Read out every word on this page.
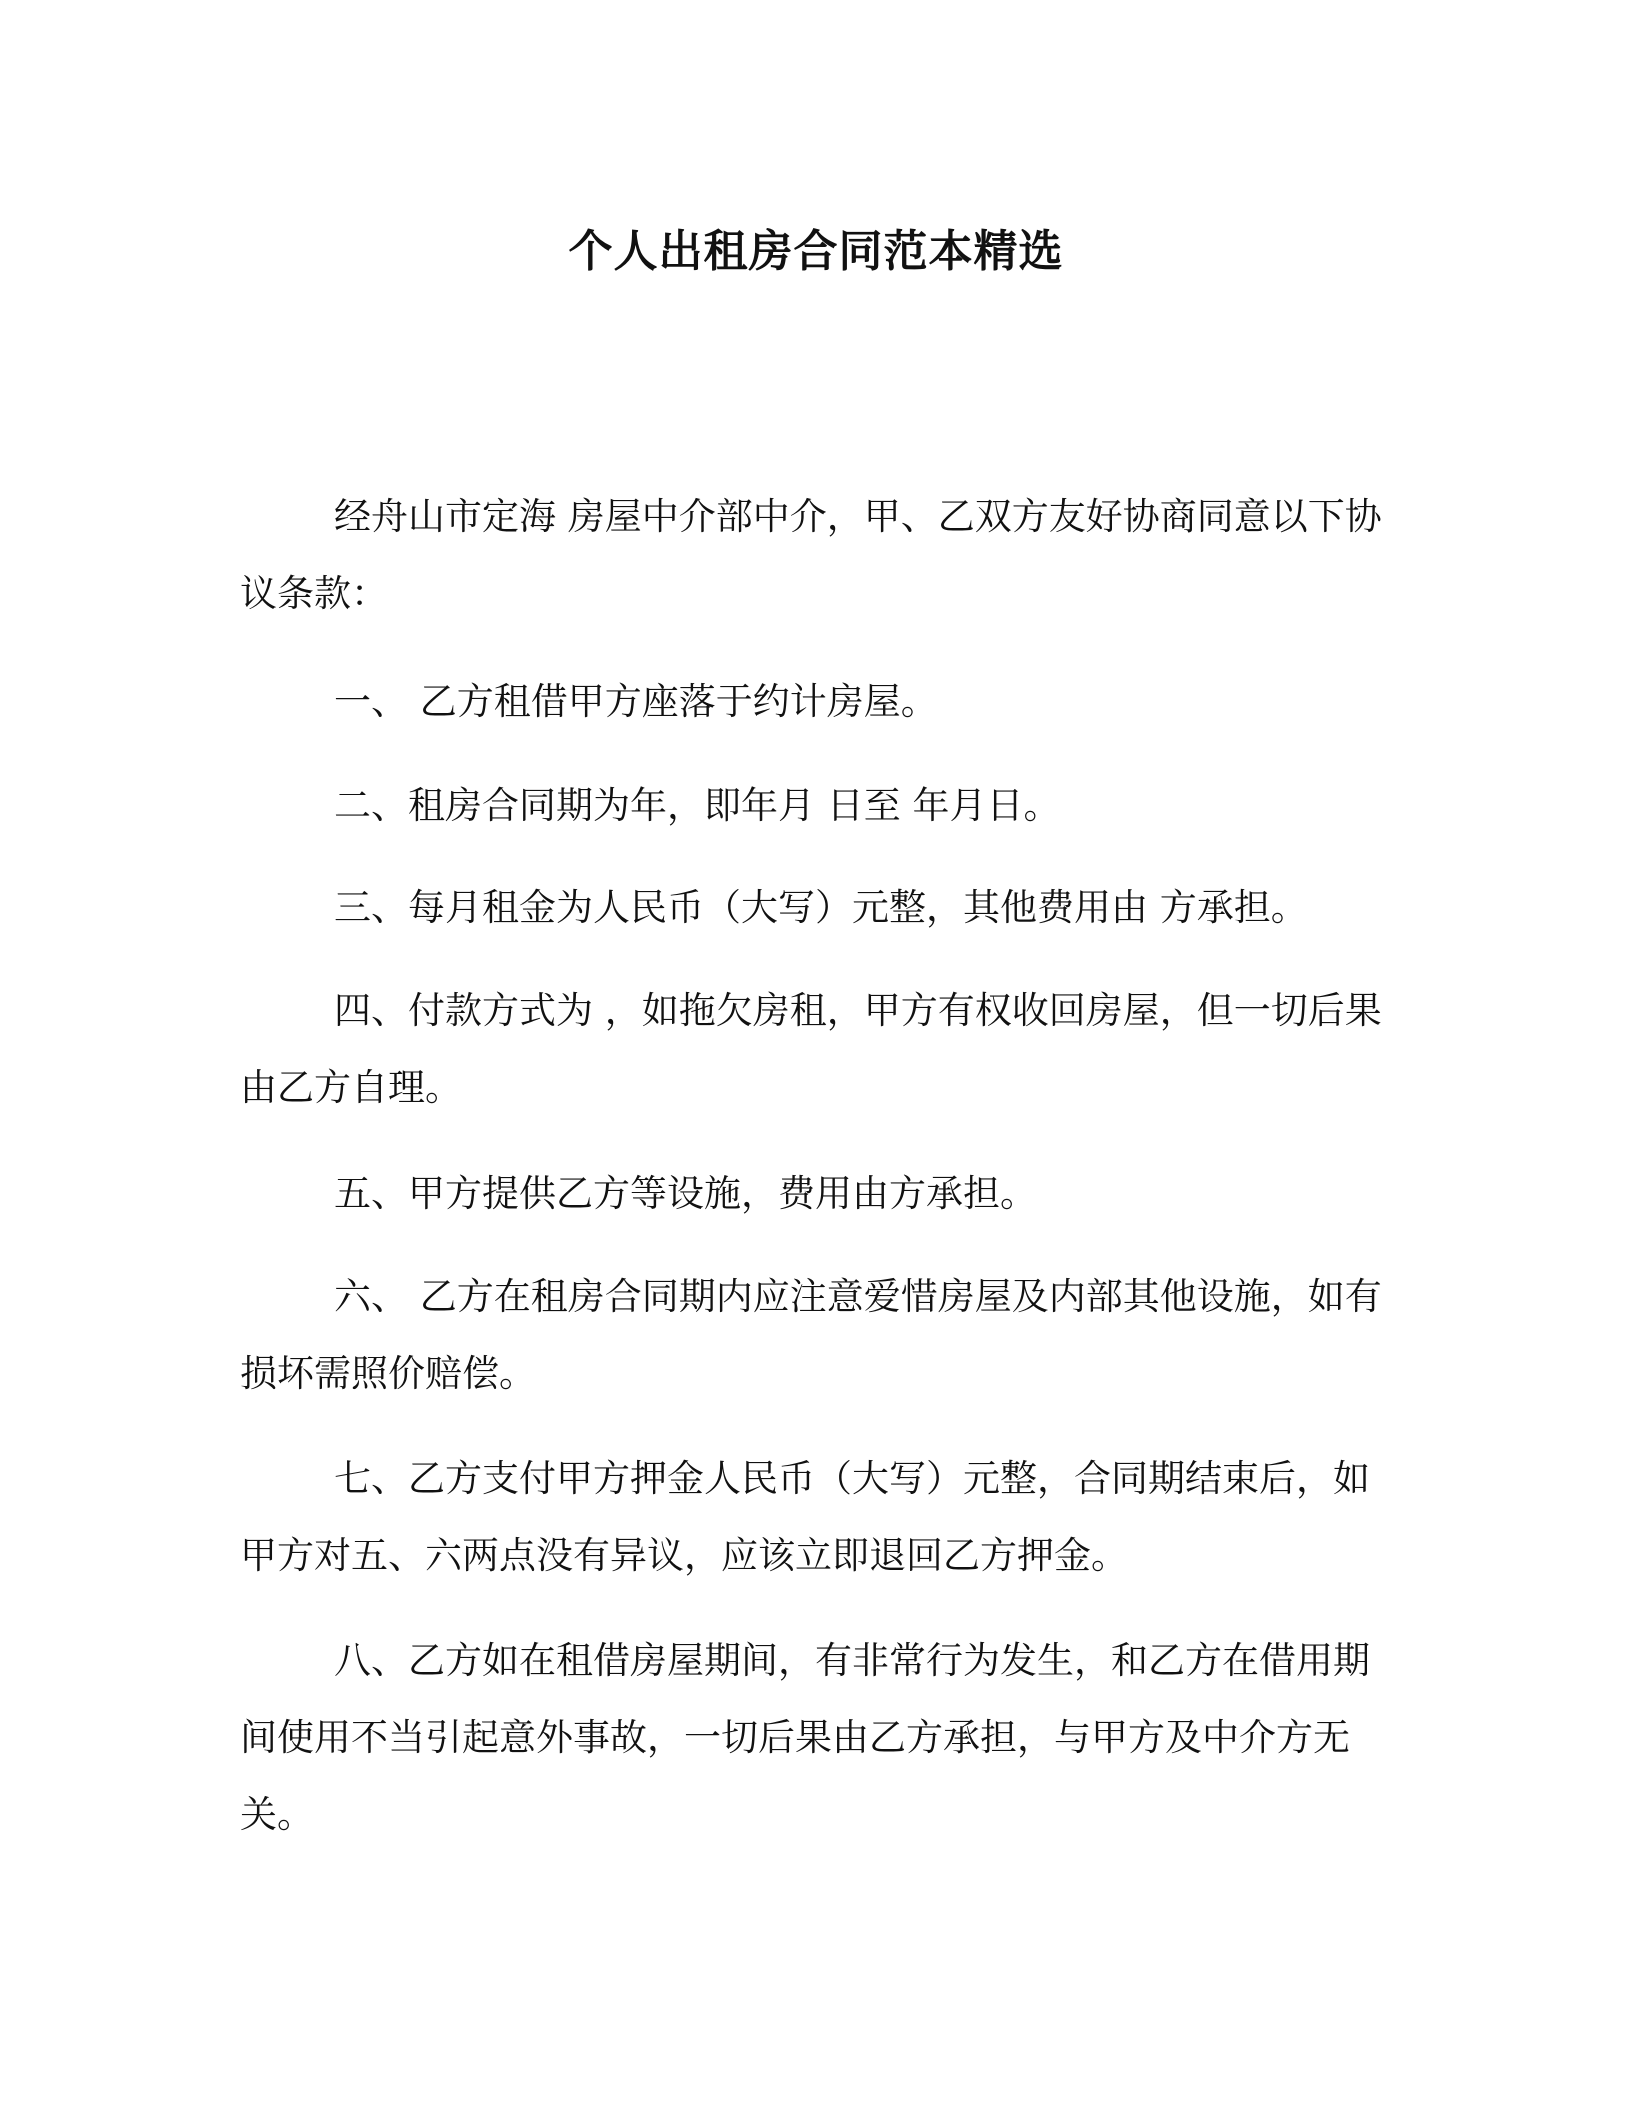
个人出租房合同范本精选

经舟山市定海 房屋中介部中介，甲、乙双方友好协商同意以下协议条款：

一、 乙方租借甲方座落于约计房屋。

二、租房合同期为年，即年月 日至 年月日。

三、每月租金为人民币（大写）元整，其他费用由 方承担。

四、付款方式为 ，如拖欠房租，甲方有权收回房屋，但一切后果由乙方自理。

五、甲方提供乙方等设施，费用由方承担。

六、 乙方在租房合同期内应注意爱惜房屋及内部其他设施，如有损坏需照价赔偿。

七、乙方支付甲方押金人民币（大写）元整，合同期结束后，如甲方对五、六两点没有异议，应该立即退回乙方押金。

八、乙方如在租借房屋期间，有非常行为发生，和乙方在借用期间使用不当引起意外事故，一切后果由乙方承担，与甲方及中介方无关。
